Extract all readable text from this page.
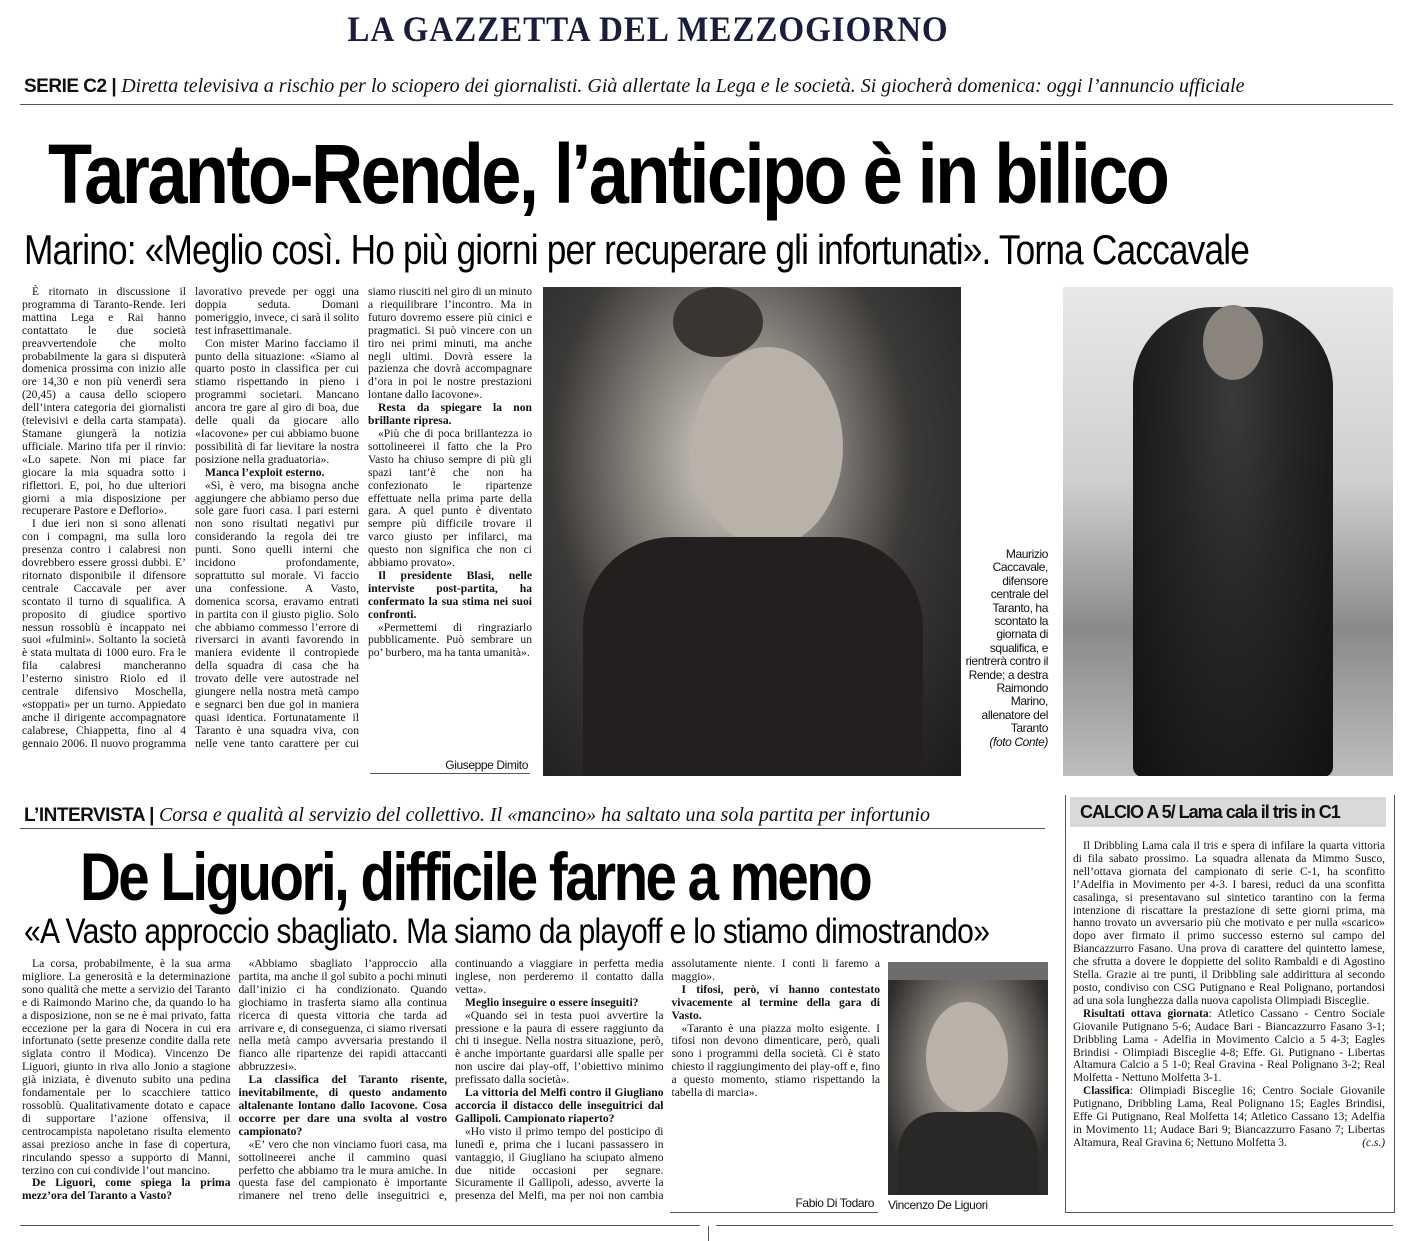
LA GAZZETTA DEL MEZZOGIORNO
SERIE C2 | Diretta televisiva a rischio per lo sciopero dei giornalisti. Già allertate la Lega e le società. Si giocherà domenica: oggi l’annuncio ufficiale
Taranto-Rende, l’anticipo è in bilico
Marino: «Meglio così. Ho più giorni per recuperare gli infortunati». Torna Caccavale

È ritornato in discussione il programma di Taranto-Rende. Ieri mattina Lega e Rai hanno contattato le due società preavvertendole che molto probabilmente la gara si disputerà domenica prossima con inizio alle ore 14,30 e non più venerdì sera (20,45) a causa dello sciopero dell’intera categoria dei giornalisti (televisivi e della carta stampata). Stamane giungerà la notizia ufficiale. Marino tifa per il rinvio: «Lo sapete. Non mi piace far giocare la mia squadra sotto i riflettori. E, poi, ho due ulteriori giorni a mia disposizione per recuperare Pastore e Deflorio».

I due ieri non si sono allenati con i compagni, ma sulla loro presenza contro i calabresi non dovrebbero essere grossi dubbi. E’ ritornato disponibile il difensore centrale Caccavale per aver scontato il turno di squalifica. A proposito di giudice sportivo nessun rossoblù è incappato nei suoi «fulmini». Soltanto la società è stata multata di 1000 euro. Fra le fila calabresi mancheranno l’esterno sinistro Riolo ed il centrale difensivo Moschella, «stoppati» per un turno. Appiedato anche il dirigente accompagnatore calabrese, Chiappetta, fino al 4 gennaio 2006. Il nuovo programma lavorativo prevede per oggi una doppia seduta. Domani pomeriggio, invece, ci sarà il solito test infrasettimanale.

Con mister Marino facciamo il punto della situazione: «Siamo al quarto posto in classifica per cui stiamo rispettando in pieno i programmi societari. Mancano ancora tre gare al giro di boa, due delle quali da giocare allo «Iacovone» per cui abbiamo buone possibilità di far lievitare la nostra posizione nella graduatoria».

Manca l’exploit esterno.

«Sì, è vero, ma bisogna anche aggiungere che abbiamo perso due sole gare fuori casa. I pari esterni non sono risultati negativi pur considerando la regola dei tre punti. Sono quelli interni che incidono profondamente, soprattutto sul morale. Vi faccio una confessione. A Vasto, domenica scorsa, eravamo entrati in partita con il giusto piglio. Solo che abbiamo commesso l’errore di riversarci in avanti favorendo in maniera evidente il contropiede della squadra di casa che ha trovato delle vere autostrade nel giungere nella nostra metà campo e segnarci ben due gol in maniera quasi identica. Fortunatamente il Taranto è una squadra viva, con nelle vene tanto carattere per cui siamo riusciti nel giro di un minuto a riequilibrare l’incontro. Ma in futuro dovremo essere più cinici e pragmatici. Si può vincere con un tiro nei primi minuti, ma anche negli ultimi. Dovrà essere la pazienza che dovrà accompagnare d’ora in poi le nostre prestazioni lontane dallo Iacovone».

Resta da spiegare la non brillante ripresa.

«Più che di poca brillantezza io sottolineerei il fatto che la Pro Vasto ha chiuso sempre di più gli spazi tant’è che non ha confezionato le ripartenze effettuate nella prima parte della gara. A quel punto è diventato sempre più difficile trovare il varco giusto per infilarci, ma questo non significa che non ci abbiamo provato».

Il presidente Blasi, nelle interviste post-partita, ha confermato la sua stima nei suoi confronti.

«Permettemi di ringraziarlo pubblicamente. Può sembrare un po’ burbero, ma ha tanta umanità».

Giuseppe Dimito
Maurizio Caccavale, difensore centrale del Taranto, ha scontato la giornata di squalifica, e rientrerà contro il Rende; a destra Raimondo Marino, allenatore del Taranto
(foto Conte)
L’INTERVISTA | Corsa e qualità al servizio del collettivo. Il «mancino» ha saltato una sola partita per infortunio
De Liguori, difficile farne a meno
«A Vasto approccio sbagliato. Ma siamo da playoff e lo stiamo dimostrando»

La corsa, probabilmente, è la sua arma migliore. La generosità e la determinazione sono qualità che mette a servizio del Taranto e di Raimondo Marino che, da quando lo ha a disposizione, non se ne è mai privato, fatta eccezione per la gara di Nocera in cui era infortunato (sette presenze condite dalla rete siglata contro il Modica). Vincenzo De Liguori, giunto in riva allo Jonio a stagione già iniziata, è divenuto subito una pedina fondamentale per lo scacchiere tattico rossoblù. Qualitativamente dotato e capace di supportare l’azione offensiva, il centrocampista napoletano risulta elemento assai prezioso anche in fase di copertura, rinculando spesso a supporto di Manni, terzino con cui condivide l’out mancino.

De Liguori, come spiega la prima mezz’ora del Taranto a Vasto?

«Abbiamo sbagliato l’approccio alla partita, ma anche il gol subito a pochi minuti dall’inizio ci ha condizionato. Quando giochiamo in trasferta siamo alla continua ricerca di questa vittoria che tarda ad arrivare e, di conseguenza, ci siamo riversati nella metà campo avversaria prestando il fianco alle ripartenze dei rapidi attaccanti abbruzzesi».

La classifica del Taranto risente, inevitabilmente, di questo andamento altalenante lontano dallo Iacovone. Cosa occorre per dare una svolta al vostro campionato?

«E’ vero che non vinciamo fuori casa, ma sottolineerei anche il cammino quasi perfetto che abbiamo tra le mura amiche. In questa fase del campionato è importante rimanere nel treno delle inseguitrici e, continuando a viaggiare in perfetta media inglese, non perderemo il contatto dalla vetta».

Meglio inseguire o essere inseguiti?

«Quando sei in testa puoi avvertire la pressione e la paura di essere raggiunto da chi ti insegue. Nella nostra situazione, però, è anche importante guardarsi alle spalle per non uscire dai play-off, l’obiettivo minimo prefissato dalla società».

La vittoria del Melfi contro il Giugliano accorcia il distacco delle inseguitrici dal Gallipoli. Campionato riaperto?

«Ho visto il primo tempo del posticipo di lunedì e, prima che i lucani passassero in vantaggio, il Giugliano ha sciupato almeno due nitide occasioni per segnare. Sicuramente il Gallipoli, adesso, avverte la presenza del Melfi, ma per noi non cambia assolutamente niente. I conti li faremo a maggio».

I tifosi, però, vi hanno contestato vivacemente al termine della gara di Vasto.

«Taranto è una piazza molto esigente. I tifosi non devono dimenticare, però, quali sono i programmi della società. Ci è stato chiesto il raggiungimento dei play-off e, fino a questo momento, stiamo rispettando la tabella di marcia».

Fabio Di Todaro Vincenzo De Liguori
CALCIO A 5/ Lama cala il tris in C1

Il Dribbling Lama cala il tris e spera di infilare la quarta vittoria di fila sabato prossimo. La squadra allenata da Mimmo Susco, nell’ottava giornata del campionato di serie C-1, ha sconfitto l’Adelfia in Movimento per 4-3. I baresi, reduci da una sconfitta casalinga, si presentavano sul sintetico tarantino con la ferma intenzione di riscattare la prestazione di sette giorni prima, ma hanno trovato un avversario più che motivato e per nulla «scarico» dopo aver firmato il primo successo esterno sul campo del Biancazzurro Fasano. Una prova di carattere del quintetto lamese, che sfrutta a dovere le doppiette del solito Rambaldi e di Agostino Stella. Grazie ai tre punti, il Dribbling sale addirittura al secondo posto, condiviso con CSG Putignano e Real Polignano, portandosi ad una sola lunghezza dalla nuova capolista Olimpiadi Bisceglie.

Risultati ottava giornata: Atletico Cassano - Centro Sociale Giovanile Putignano 5-6; Audace Bari - Biancazzurro Fasano 3-1; Dribbling Lama - Adelfia in Movimento Calcio a 5 4-3; Eagles Brindisi - Olimpiadi Bisceglie 4-8; Effe. Gi. Putignano - Libertas Altamura Calcio a 5 1-0; Real Gravina - Real Polignano 3-2; Real Molfetta - Nettuno Molfetta 3-1.

Classifica: Olimpiadi Bisceglie 16; Centro Sociale Giovanile Putignano, Dribbling Lama, Real Polignano 15; Eagles Brindisi, Effe Gi Putignano, Real Molfetta 14; Atletico Cassano 13; Adelfia in Movimento 11; Audace Bari 9; Biancazzurro Fasano 7; Libertas Altamura, Real Gravina 6; Nettuno Molfetta 3.	(c.s.)
